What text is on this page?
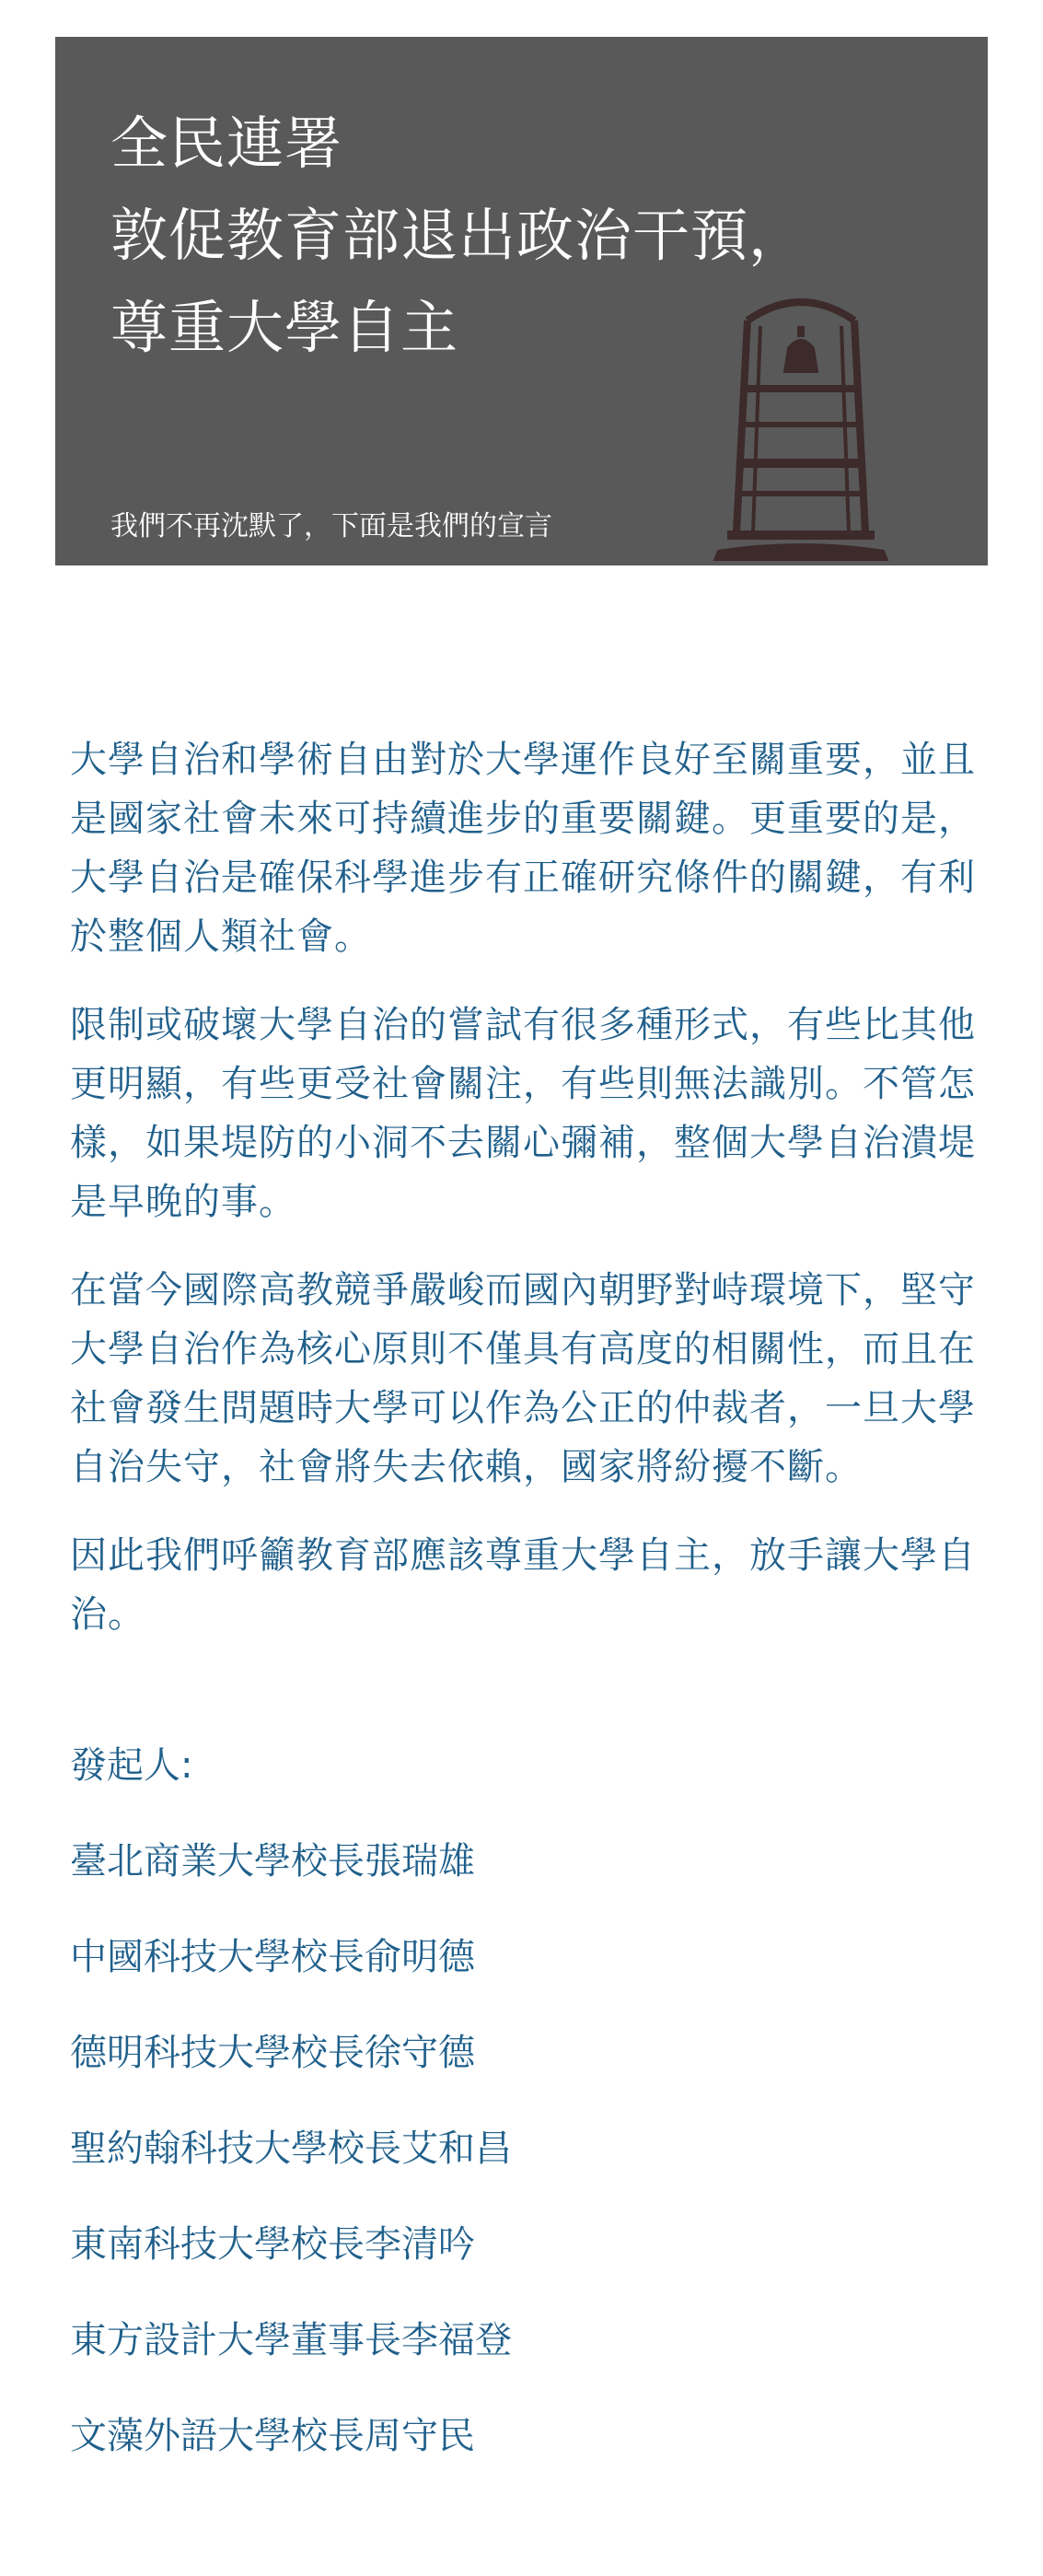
全民連署
敦促教育部退出政治干預，
尊重大學自主
我們不再沈默了，下面是我們的宣言

大學自治和學術自由對於大學運作良好至關重要，並且是國家社會未來可持續進步的重要關鍵。更重要的是，大學自治是確保科學進步有正確研究條件的關鍵，有利於整個人類社會。

限制或破壞大學自治的嘗試有很多種形式，有些比其他更明顯，有些更受社會關注，有些則無法識別。不管怎樣，如果堤防的小洞不去關心彌補，整個大學自治潰堤是早晚的事。

在當今國際高教競爭嚴峻而國內朝野對峙環境下，堅守大學自治作為核心原則不僅具有高度的相關性，而且在社會發生問題時大學可以作為公正的仲裁者，一旦大學自治失守，社會將失去依賴，國家將紛擾不斷。

因此我們呼籲教育部應該尊重大學自主，放手讓大學自治。

發起人:
臺北商業大學校長張瑞雄
中國科技大學校長俞明德
德明科技大學校長徐守德
聖約翰科技大學校長艾和昌
東南科技大學校長李清吟
東方設計大學董事長李福登
文藻外語大學校長周守民
